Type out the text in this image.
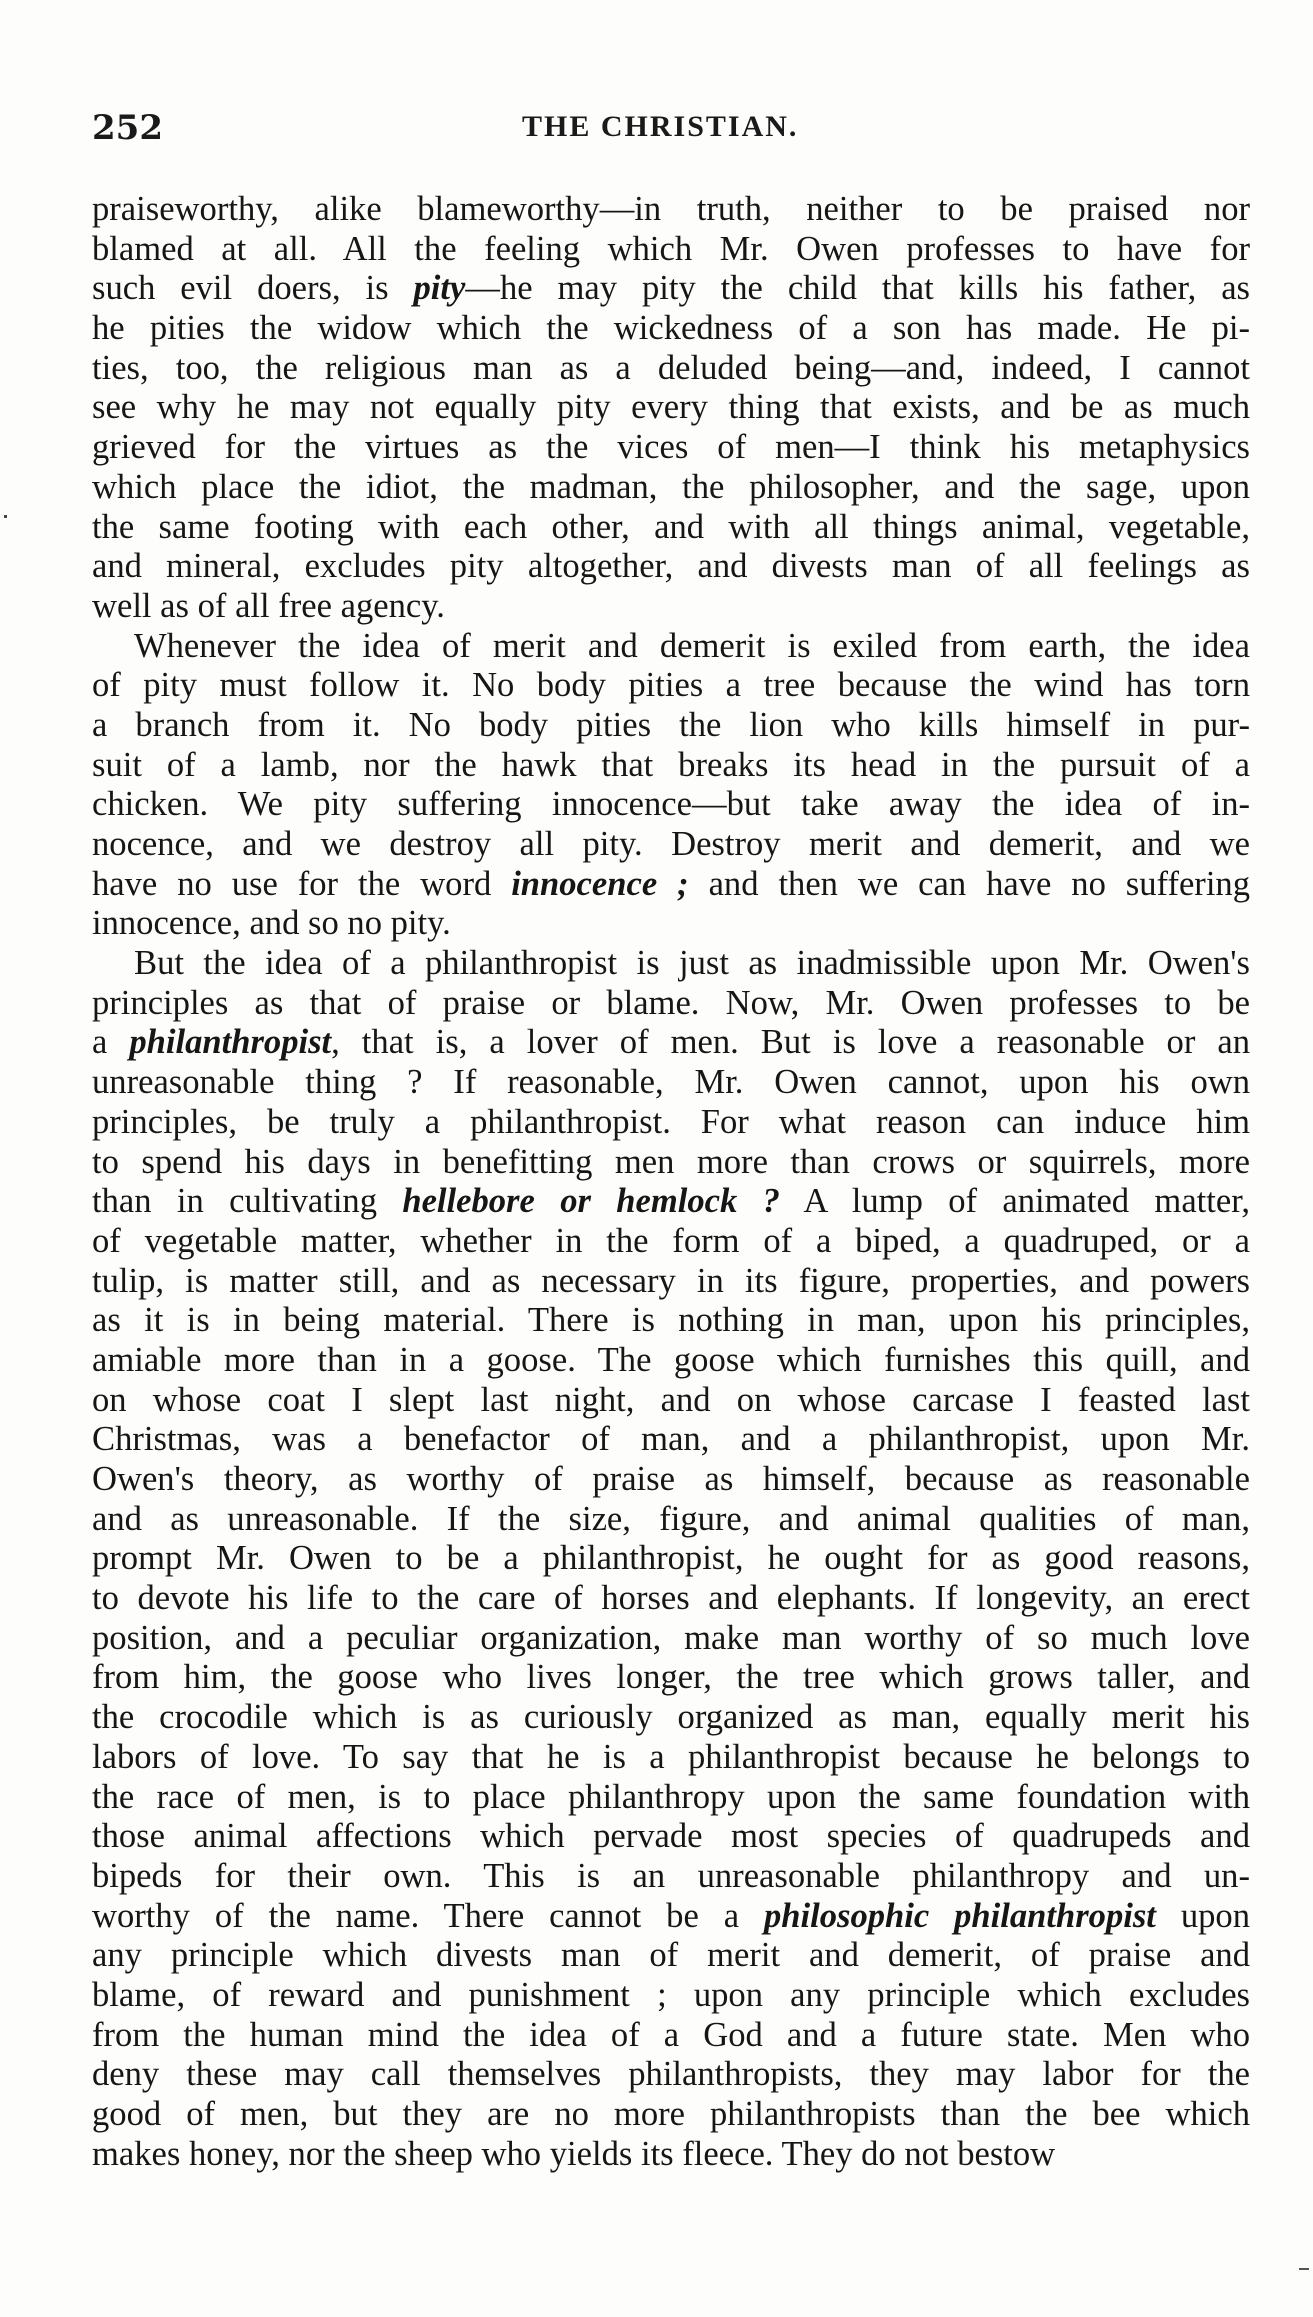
252	THE CHRISTIAN.
praiseworthy, alike blameworthy—in truth, neither to be praised nor
blamed at all. All the feeling which Mr. Owen professes to have for
such evil doers, is pity—he may pity the child that kills his father, as
he pities the widow which the wickedness of a son has made. He pi-
ties, too, the religious man as a deluded being—and, indeed, I cannot
see why he may not equally pity every thing that exists, and be as much
grieved for the virtues as the vices of men—I think his metaphysics
which place the idiot, the madman, the philosopher, and the sage, upon
the same footing with each other, and with all things animal, vegetable,
and mineral, excludes pity altogether, and divests man of all feelings as
well as of all free agency.
Whenever the idea of merit and demerit is exiled from earth, the idea
of pity must follow it. No body pities a tree because the wind has torn
a branch from it. No body pities the lion who kills himself in pur-
suit of a lamb, nor the hawk that breaks its head in the pursuit of a
chicken. We pity suffering innocence—but take away the idea of in-
nocence, and we destroy all pity. Destroy merit and demerit, and we
have no use for the word innocence ; and then we can have no suffering
innocence, and so no pity.
But the idea of a philanthropist is just as inadmissible upon Mr. Owen's
principles as that of praise or blame. Now, Mr. Owen professes to be
a philanthropist, that is, a lover of men. But is love a reasonable or an
unreasonable thing ? If reasonable, Mr. Owen cannot, upon his own
principles, be truly a philanthropist. For what reason can induce him
to spend his days in benefitting men more than crows or squirrels, more
than in cultivating hellebore or hemlock ? A lump of animated matter,
of vegetable matter, whether in the form of a biped, a quadruped, or a
tulip, is matter still, and as necessary in its figure, properties, and powers
as it is in being material. There is nothing in man, upon his principles,
amiable more than in a goose. The goose which furnishes this quill, and
on whose coat I slept last night, and on whose carcase I feasted last
Christmas, was a benefactor of man, and a philanthropist, upon Mr.
Owen's theory, as worthy of praise as himself, because as reasonable
and as unreasonable. If the size, figure, and animal qualities of man,
prompt Mr. Owen to be a philanthropist, he ought for as good reasons,
to devote his life to the care of horses and elephants. If longevity, an erect
position, and a peculiar organization, make man worthy of so much love
from him, the goose who lives longer, the tree which grows taller, and
the crocodile which is as curiously organized as man, equally merit his
labors of love. To say that he is a philanthropist because he belongs to
the race of men, is to place philanthropy upon the same foundation with
those animal affections which pervade most species of quadrupeds and
bipeds for their own. This is an unreasonable philanthropy and un-
worthy of the name. There cannot be a philosophic philanthropist upon
any principle which divests man of merit and demerit, of praise and
blame, of reward and punishment ; upon any principle which excludes
from the human mind the idea of a God and a future state. Men who
deny these may call themselves philanthropists, they may labor for the
good of men, but they are no more philanthropists than the bee which
makes honey, nor the sheep who yields its fleece. They do not bestow
